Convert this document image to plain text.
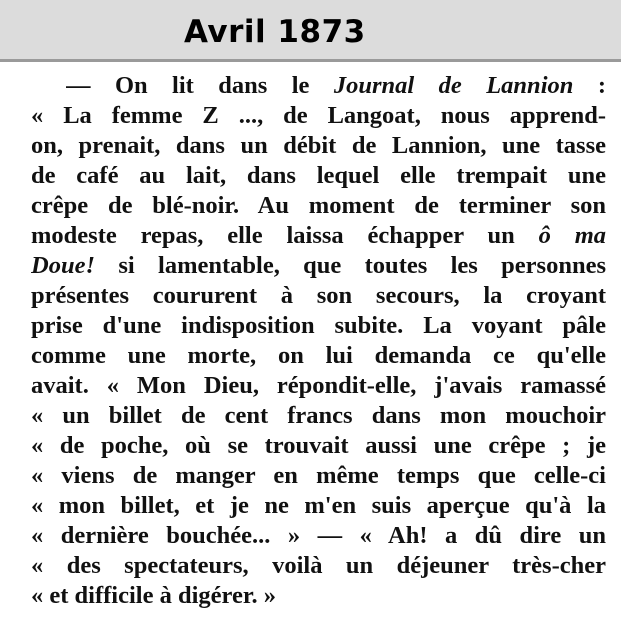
Avril 1873
— On lit dans le Journal de Lannion :
« La femme Z ..., de Langoat, nous apprend-
on, prenait, dans un débit de Lannion, une tasse
de café au lait, dans lequel elle trempait une
crêpe de blé-noir. Au moment de terminer son
modeste repas, elle laissa échapper un ô ma
Doue! si lamentable, que toutes les personnes
présentes coururent à son secours, la croyant
prise d'une indisposition subite. La voyant pâle
comme une morte, on lui demanda ce qu'elle
avait. « Mon Dieu, répondit-elle, j'avais ramassé
« un billet de cent francs dans mon mouchoir
« de poche, où se trouvait aussi une crêpe ; je
« viens de manger en même temps que celle-ci
« mon billet, et je ne m'en suis aperçue qu'à la
« dernière bouchée... » — « Ah! a dû dire un
« des spectateurs, voilà un déjeuner très-cher
« et difficile à digérer. »
